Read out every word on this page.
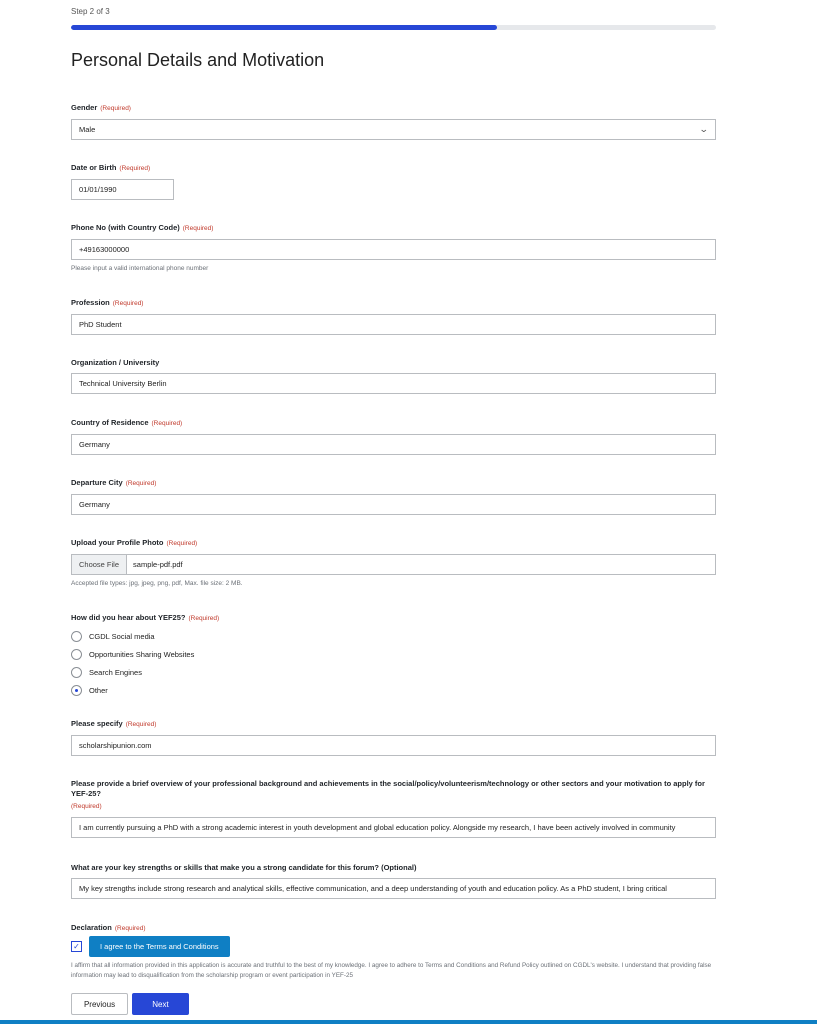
Step 2 of 3
Personal Details and Motivation
Gender (Required)
Male	⌄
Date or Birth (Required)
01/01/1990
Phone No (with Country Code) (Required)
+49163000000
Please input a valid international phone number
Profession (Required)
PhD Student
Organization / University
Technical University Berlin
Country of Residence (Required)
Germany
Departure City (Required)
Germany
Upload your Profile Photo (Required)
Choose File	sample-pdf.pdf
Accepted file types: jpg, jpeg, png, pdf, Max. file size: 2 MB.
How did you hear about YEF25? (Required)
CGDL Social media
Opportunities Sharing Websites
Search Engines
Other
Please specify (Required)
scholarshipunion.com
Please provide a brief overview of your professional background and achievements in the social/policy/volunteerism/technology or other sectors and your motivation to apply for YEF-25?
(Required)
I am currently pursuing a PhD with a strong academic interest in youth development and global education policy. Alongside my research, I have been actively involved in community
What are your key strengths or skills that make you a strong candidate for this forum? (Optional)
My key strengths include strong research and analytical skills, effective communication, and a deep understanding of youth and education policy. As a PhD student, I bring critical
Declaration (Required)
✓	I agree to the Terms and Conditions
I affirm that all information provided in this application is accurate and truthful to the best of my knowledge. I agree to adhere to Terms and Conditions and Refund Policy outlined on CGDL's website. I understand that providing false information may lead to disqualification from the scholarship program or event participation in YEF-25
Previous	Next
